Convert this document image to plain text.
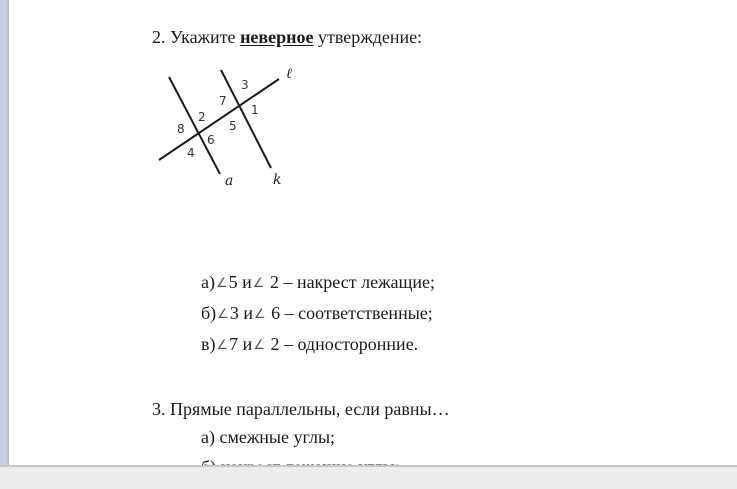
2. Укажите неверное утверждение:
3
7
1
2
5
8
6
4
ℓ
a	k
а)∠5 и∠ 2 – накрест лежащие;
б)∠3 и∠ 6 – соответственные;
в)∠7 и∠ 2 – односторонние.
3. Прямые параллельны, если равны…
а) смежные углы;
